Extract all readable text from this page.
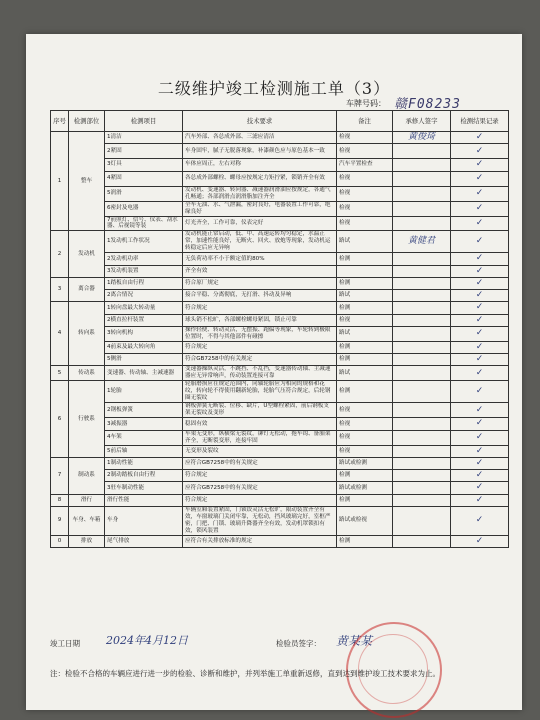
二级维护竣工检测施工单（3）
车牌号码： 赣F08233
序号	检测部位	检测项目	技术要求	备注	承修人签字	检测结果记录
1	整车	1清洁	汽车外部、各总成外部、三滤应清洁	检视	黄俊琦	✓
		2紧固	车身固牢，腻子无脱落现象，补漆颜色应与原色基本一致	检视		✓
		3灯具	车体应周正，左右对称	汽车平置检查		✓
		4紧固	各总成外部螺栓、螺母应按规定力矩拧紧，锁销齐全有效	检视		✓
		5润滑	发动机、变速器、转向器、减速器润滑油应按规定，各通气孔畅通；各部润滑点润滑脂加注齐全	检视		✓
		6密封及电器	全车无油、水、气泄漏，密封良好，电器装置工作可靠，绝缘良好	检视		✓
		7前照灯、信号、仪表、刮水器、后视镜等装	灯光齐全，工作可靠，仪表完好	检视		✓
2	发动机	1发动机工作状况	发动机能正常启动，低、中、高速运转均匀稳定，水温正常，加速性能良好，无断火、回火、放炮等现象，发动机运转稳定后应无异响	路试	黄健君	✓
		2发动机功率	无负荷功率不小于额定值的80%	检测		✓
		3发动机装置	齐全有效			✓
3	离合器	1踏板自由行程	符合原厂规定	检测		✓
		2离合情况	接合平稳、分离彻底，无打滑、抖动及异响	路试		✓
4	转向系	1转向盘最大转动量	符合规定	检测		✓
		2横直拉杆装置	球头销不松旷，各部螺栓螺母紧固，锁止可靠	检视		✓
		3转向机构	操作轻便、转动灵活，无摆振、跑偏等现象，车轮转到极限位置时，不得与其他部件有碰擦	路试		✓
		4前束及最大转向角	符合规定	检测		✓
		5侧滑	符合GB7258中的有关规定	检测		✓
5	传动系	变速器、传动轴、主减速器	变速器操纵灵活，不跳挡、不乱挡，变速器传动轴、主减速器应无异常响声，传动装置连接可靠	路试		✓
6	行驶系	1轮胎	轮胎磨损应在规定范围内，同轴轮胎应为相同的规格和花纹，转向轮不得使用翻新轮胎，轮胎气压符合规定，后轮钢圈无裂纹	检测		✓
		2钢板弹簧	钢板弹簧无断裂、位移、缺片，U型螺栓紧固，前后钢板支架无裂纹及变形	检视		✓
		3减振器	稳固有效	检视		✓
		4车架	车架无变形，纵横梁无裂纹，铆钉无松动，拖车钩、备胎架齐全，无断裂变形，连接牢固	检视		✓
		5前后轴	无变形及裂纹	检视		✓
7	制动系	1制动性能	应符合GB7258中的有关规定	路试或检测		✓
		2制动踏板自由行程	符合规定	检测		✓
		3驻车制动性能	应符合GB7258中的有关规定	路试或检测		✓
8	滑行	滑行性能	符合规定	检测		✓
9	车身、车箱	车身	车辆室厢装置紧固，门锁铰灵活无松旷，限动装置齐全有效，车窗玻璃门关闭牢靠，无松动，挡风玻璃完好，室框严密，门把、门锁、玻璃升降器齐全有效，发动机罩锁扣有效，锁风装置	路试或检视		✓
0	排放	尾气排放	应符合有关排放标准的规定	检测		✓
竣工日期 2024年4月12日	检验员签字： 黄某某
注：检验不合格的车辆应进行进一步的检验、诊断和维护，并列举施工单重新返修，直到达到维护竣工技术要求为止。
